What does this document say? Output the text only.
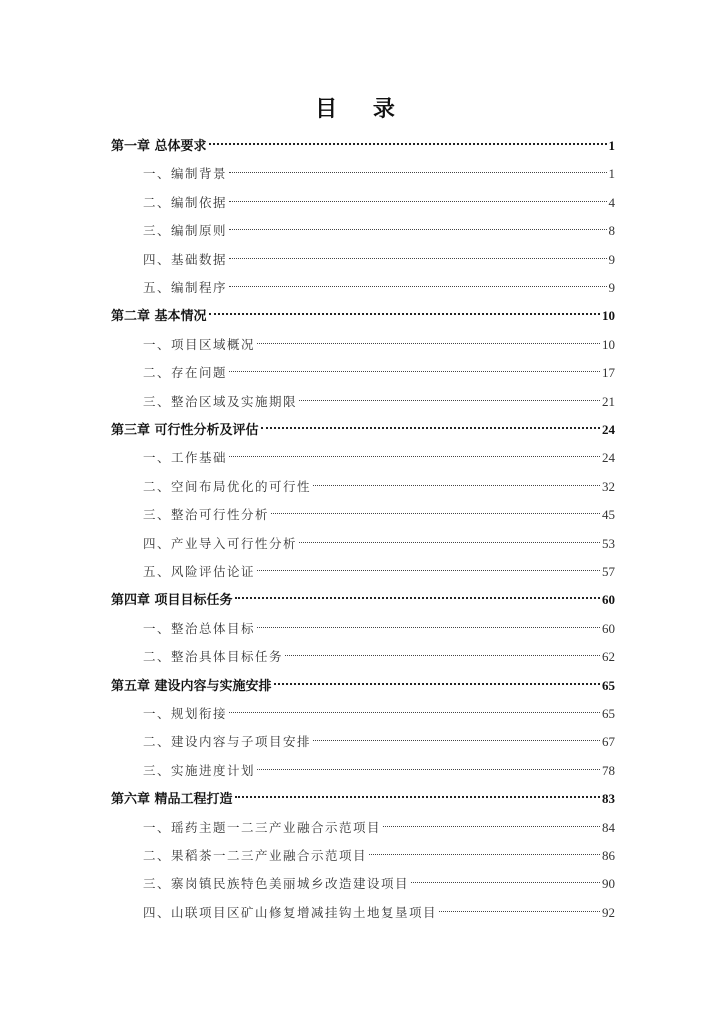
目 录
第一章 总体要求	1
一、编制背景	1
二、编制依据	4
三、编制原则	8
四、基础数据	9
五、编制程序	9
第二章 基本情况	10
一、项目区域概况	10
二、存在问题	17
三、整治区域及实施期限	21
第三章 可行性分析及评估	24
一、工作基础	24
二、空间布局优化的可行性	32
三、整治可行性分析	45
四、产业导入可行性分析	53
五、风险评估论证	57
第四章 项目目标任务	60
一、整治总体目标	60
二、整治具体目标任务	62
第五章 建设内容与实施安排	65
一、规划衔接	65
二、建设内容与子项目安排	67
三、实施进度计划	78
第六章 精品工程打造	83
一、瑶药主题一二三产业融合示范项目	84
二、果稻茶一二三产业融合示范项目	86
三、寨岗镇民族特色美丽城乡改造建设项目	90
四、山联项目区矿山修复增减挂钩土地复垦项目	92
